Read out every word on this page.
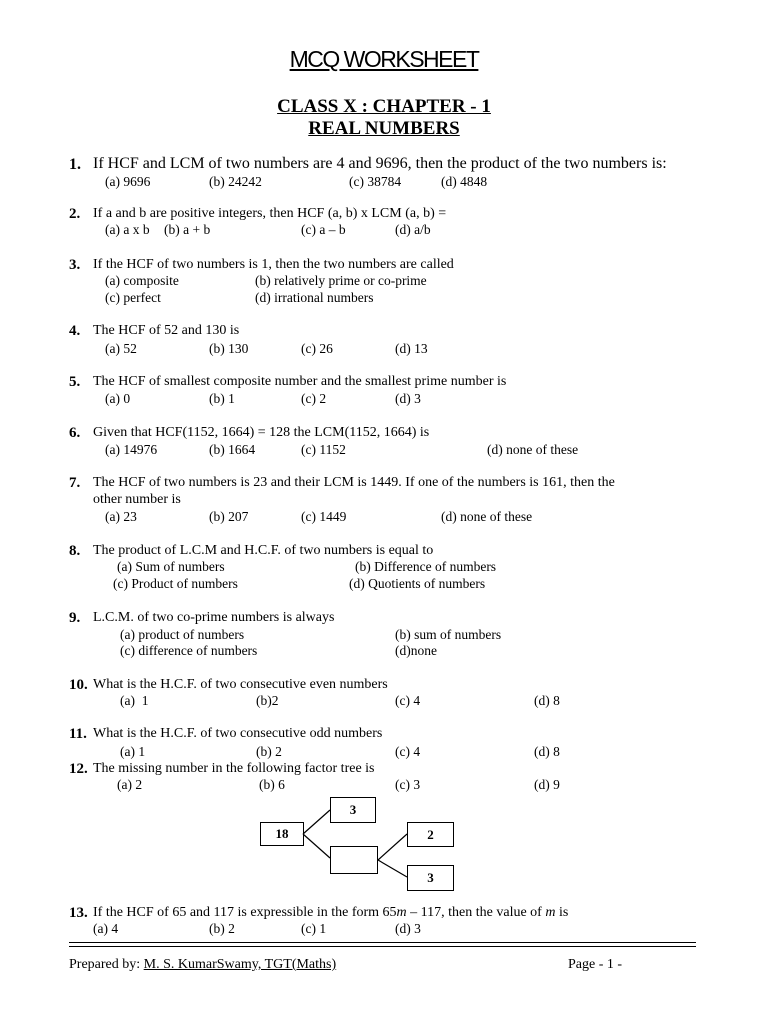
MCQ WORKSHEET
CLASS X : CHAPTER - 1
REAL NUMBERS
1. If HCF and LCM of two numbers are 4 and 9696, then the product of the two numbers is:
(a) 9696	(b) 24242	(c) 38784	(d) 4848
2. If a and b are positive integers, then HCF (a, b) x LCM (a, b) =
(a) a x b (b) a + b	(c) a – b	(d) a/b
3. If the HCF of two numbers is 1, then the two numbers are called
(a) composite	(b) relatively prime or co-prime
(c) perfect	(d) irrational numbers
4. The HCF of 52 and 130 is
(a) 52	(b) 130	(c) 26	(d) 13
5. The HCF of smallest composite number and the smallest prime number is
(a) 0	(b) 1	(c) 2	(d) 3
6. Given that HCF(1152, 1664) = 128 the LCM(1152, 1664) is
(a) 14976	(b) 1664	(c) 1152	(d) none of these
7. The HCF of two numbers is 23 and their LCM is 1449. If one of the numbers is 161, then the
other number is
(a) 23	(b) 207	(c) 1449	(d) none of these
8. The product of L.C.M and H.C.F. of two numbers is equal to
(a) Sum of numbers	(b) Difference of numbers
(c) Product of numbers	(d) Quotients of numbers
9. L.C.M. of two co-prime numbers is always
(a) product of numbers	(b) sum of numbers
(c) difference of numbers	(d)none
10. What is the H.C.F. of two consecutive even numbers
(a)  1	(b)2	(c) 4	(d) 8
11. What is the H.C.F. of two consecutive odd numbers
(a) 1	(b) 2	(c) 4	(d) 8
12. The missing number in the following factor tree is
(a) 2	(b) 6	(c) 3	(d) 9
3
18	2
3
13. If the HCF of 65 and 117 is expressible in the form 65m – 117, then the value of m is
(a) 4	(b) 2	(c) 1	(d) 3
Prepared by: M. S. KumarSwamy, TGT(Maths)	Page - 1 -
